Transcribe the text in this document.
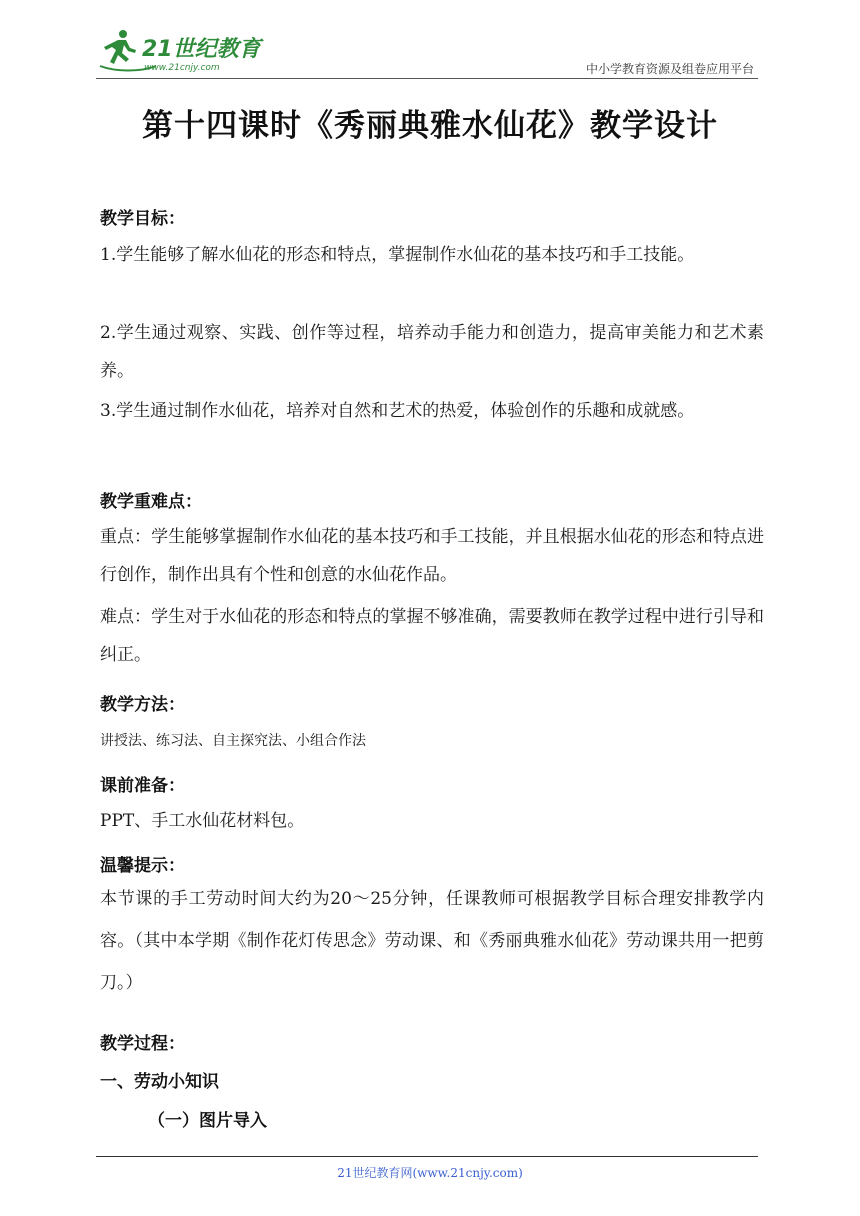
21世纪教育
www.21cnjy.com	中小学教育资源及组卷应用平台
第十四课时《秀丽典雅水仙花》教学设计

教学目标：

1.学生能够了解水仙花的形态和特点，掌握制作水仙花的基本技巧和手工技能。

2.学生通过观察、实践、创作等过程，培养动手能力和创造力，提高审美能力和艺术素养。

3.学生通过制作水仙花，培养对自然和艺术的热爱，体验创作的乐趣和成就感。

教学重难点：

重点：学生能够掌握制作水仙花的基本技巧和手工技能，并且根据水仙花的形态和特点进行创作，制作出具有个性和创意的水仙花作品。

难点：学生对于水仙花的形态和特点的掌握不够准确，需要教师在教学过程中进行引导和纠正。

教学方法：

讲授法、练习法、自主探究法、小组合作法

课前准备：

PPT、手工水仙花材料包。

温馨提示：

本节课的手工劳动时间大约为20～25分钟，任课教师可根据教学目标合理安排教学内容。（其中本学期《制作花灯传思念》劳动课、和《秀丽典雅水仙花》劳动课共用一把剪刀。）

教学过程：

一、劳动小知识

（一）图片导入

21世纪教育网(www.21cnjy.com)
